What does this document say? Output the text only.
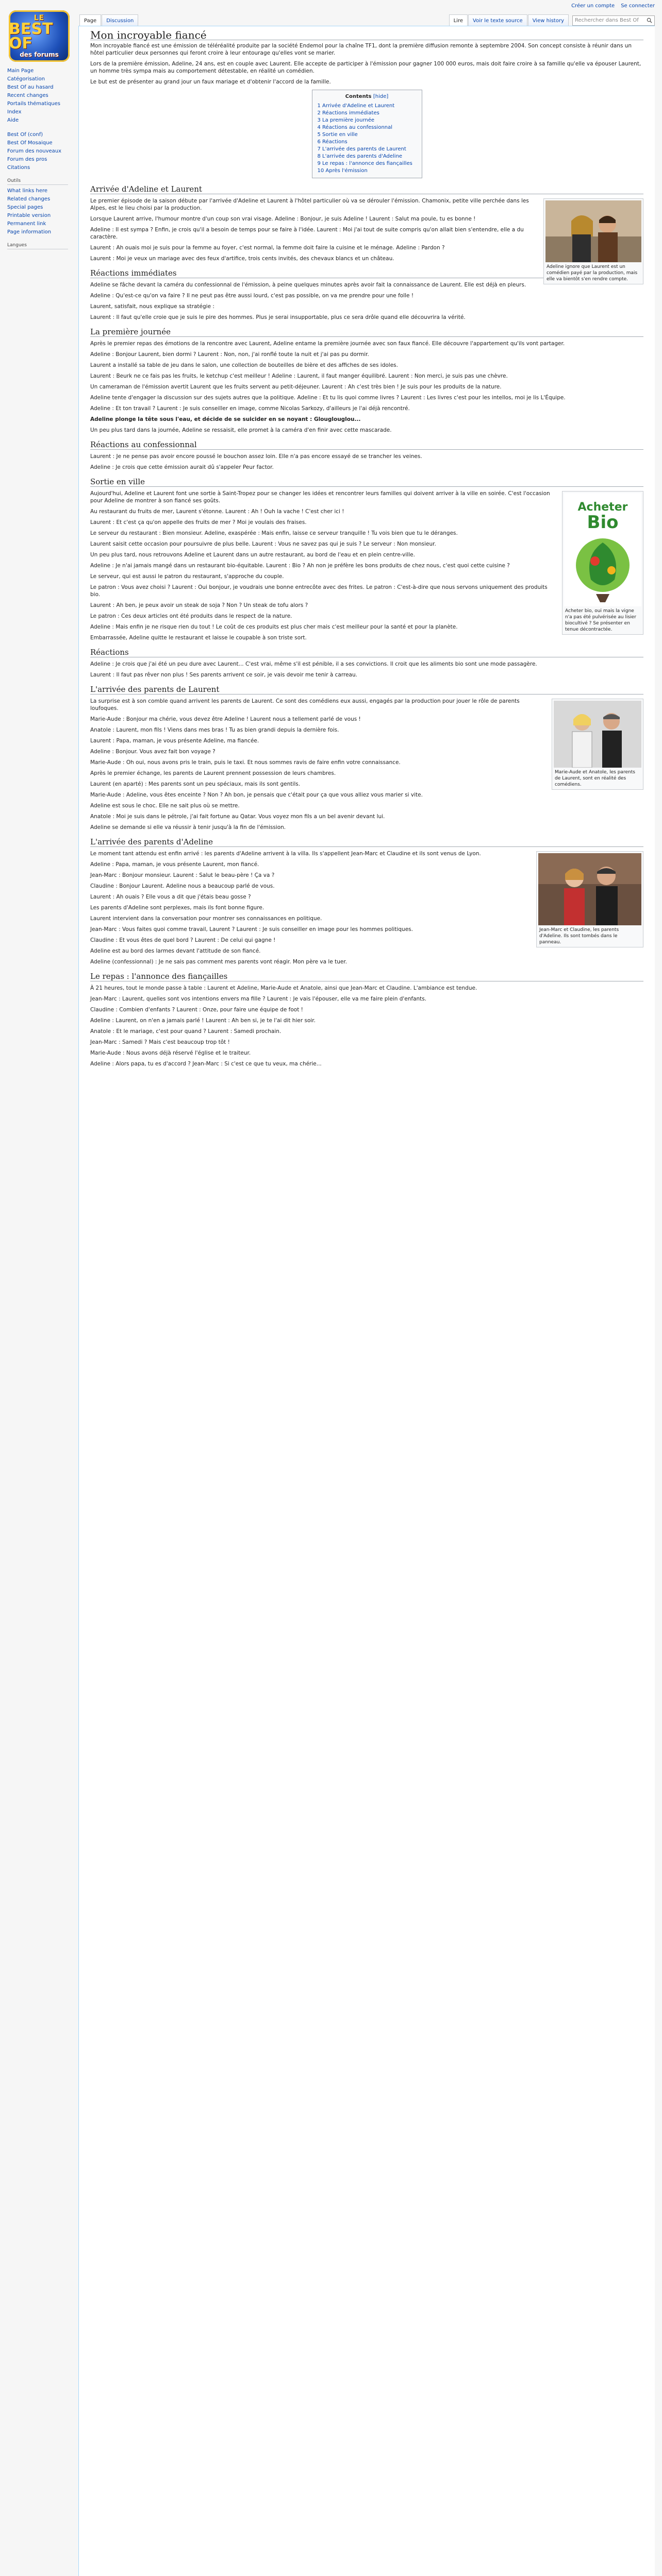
Créer un compte Se connecter
LE
BEST OF
des forums
Page	Discussion	Lire	Voir le texte source	View history	Rechercher dans Best Of
Main Page
Catégorisation
Best Of au hasard
Recent changes
Portails thématiques
Index
Aide
Best Of (conf)
Best Of Mosaique
Forum des nouveaux
Forum des pros
Citations
Outils
What links here
Related changes
Special pages
Printable version
Permanent link
Page information
Langues
Mon incroyable fiancé

Mon incroyable fiancé est une émission de téléréalité produite par la société Endemol pour la chaîne TF1, dont la première diffusion remonte à septembre 2004. Son concept consiste à réunir dans un hôtel particulier deux personnes qui feront croire à leur entourage qu'elles vont se marier.

Lors de la première émission, Adeline, 24 ans, est en couple avec Laurent. Elle accepte de participer à l'émission pour gagner 100 000 euros, mais doit faire croire à sa famille qu'elle va épouser Laurent, un homme très sympa mais au comportement détestable, en réalité un comédien.

Le but est de présenter au grand jour un faux mariage et d'obtenir l'accord de la famille.

Contents [hide]
1 Arrivée d'Adeline et Laurent
2 Réactions immédiates
3 La première journée
4 Réactions au confessionnal
5 Sortie en ville
6 Réactions
7 L'arrivée des parents de Laurent
8 L'arrivée des parents d'Adeline
9 Le repas : l'annonce des fiançailles
10 Après l'émission
Arrivée d'Adeline et Laurent
Adeline ignore que Laurent est un comédien payé par la production, mais elle va bientôt s'en rendre compte.

Le premier épisode de la saison débute par l'arrivée d'Adeline et Laurent à l'hôtel particulier où va se dérouler l'émission. Chamonix, petite ville perchée dans les Alpes, est le lieu choisi par la production.

Lorsque Laurent arrive, l'humour montre d'un coup son vrai visage. Adeline : Bonjour, je suis Adeline ! Laurent : Salut ma poule, tu es bonne !

Adeline : Il est sympa ? Enfin, je crois qu'il a besoin de temps pour se faire à l'idée. Laurent : Moi j'ai tout de suite compris qu'on allait bien s'entendre, elle a du caractère.

Laurent : Ah ouais moi je suis pour la femme au foyer, c'est normal, la femme doit faire la cuisine et le ménage. Adeline : Pardon ?

Laurent : Moi je veux un mariage avec des feux d'artifice, trois cents invités, des chevaux blancs et un château.

Réactions immédiates

Adeline se fâche devant la caméra du confessionnal de l'émission, à peine quelques minutes après avoir fait la connaissance de Laurent. Elle est déjà en pleurs.

Adeline : Qu'est-ce qu'on va faire ? Il ne peut pas être aussi lourd, c'est pas possible, on va me prendre pour une folle !

Laurent, satisfait, nous explique sa stratégie :

Laurent : Il faut qu'elle croie que je suis le pire des hommes. Plus je serai insupportable, plus ce sera drôle quand elle découvrira la vérité.

La première journée

Après le premier repas des émotions de la rencontre avec Laurent, Adeline entame la première journée avec son faux fiancé. Elle découvre l'appartement qu'ils vont partager.

Adeline : Bonjour Laurent, bien dormi ? Laurent : Non, non, j'ai ronflé toute la nuit et j'ai pas pu dormir.

Laurent a installé sa table de jeu dans le salon, une collection de bouteilles de bière et des affiches de ses idoles.

Laurent : Beurk ne ce fais pas les fruits, le ketchup c'est meilleur ! Adeline : Laurent, il faut manger équilibré. Laurent : Non merci, je suis pas une chèvre.

Un cameraman de l'émission avertit Laurent que les fruits servent au petit-déjeuner. Laurent : Ah c'est très bien ! Je suis pour les produits de la nature.

Adeline tente d'engager la discussion sur des sujets autres que la politique. Adeline : Et tu lis quoi comme livres ? Laurent : Les livres c'est pour les intellos, moi je lis L'Équipe.

Adeline : Et ton travail ? Laurent : Je suis conseiller en image, comme Nicolas Sarkozy, d'ailleurs je l'ai déjà rencontré.

Adeline plonge la tête sous l'eau, et décide de se suicider en se noyant : Glouglouglou...

Un peu plus tard dans la journée, Adeline se ressaisit, elle promet à la caméra d'en finir avec cette mascarade.

Réactions au confessionnal

Laurent : Je ne pense pas avoir encore poussé le bouchon assez loin. Elle n'a pas encore essayé de se trancher les veines.

Adeline : Je crois que cette émission aurait dû s'appeler Peur factor.

Sortie en ville
Acheter
Bio
Acheter bio, oui mais la vigne n'a pas été pulvérisée au lisier biocultivé ? Se présenter en tenue décontractée.

Aujourd'hui, Adeline et Laurent font une sortie à Saint-Tropez pour se changer les idées et rencontrer leurs familles qui doivent arriver à la ville en soirée. C'est l'occasion pour Adeline de montrer à son fiancé ses goûts.

Au restaurant du fruits de mer, Laurent s'étonne. Laurent : Ah ! Ouh la vache ! C'est cher ici !

Laurent : Et c'est ça qu'on appelle des fruits de mer ? Moi je voulais des fraises.

Le serveur du restaurant : Bien monsieur. Adeline, exaspérée : Mais enfin, laisse ce serveur tranquille ! Tu vois bien que tu le déranges.

Laurent saisit cette occasion pour poursuivre de plus belle. Laurent : Vous ne savez pas qui je suis ? Le serveur : Non monsieur.

Un peu plus tard, nous retrouvons Adeline et Laurent dans un autre restaurant, au bord de l'eau et en plein centre-ville.

Adeline : Je n'ai jamais mangé dans un restaurant bio-équitable. Laurent : Bio ? Ah non je préfère les bons produits de chez nous, c'est quoi cette cuisine ?

Le serveur, qui est aussi le patron du restaurant, s'approche du couple.

Le patron : Vous avez choisi ? Laurent : Oui bonjour, je voudrais une bonne entrecôte avec des frites. Le patron : C'est-à-dire que nous servons uniquement des produits bio.

Laurent : Ah ben, je peux avoir un steak de soja ? Non ? Un steak de tofu alors ?

Le patron : Ces deux articles ont été produits dans le respect de la nature.

Adeline : Mais enfin je ne risque rien du tout ! Le coût de ces produits est plus cher mais c'est meilleur pour la santé et pour la planète.

Embarrassée, Adeline quitte le restaurant et laisse le coupable à son triste sort.

Réactions

Adeline : Je crois que j'ai été un peu dure avec Laurent... C'est vrai, même s'il est pénible, il a ses convictions. Il croit que les aliments bio sont une mode passagère.

Laurent : Il faut pas rêver non plus ! Ses parents arrivent ce soir, je vais devoir me tenir à carreau.

L'arrivée des parents de Laurent
Marie-Aude et Anatole, les parents de Laurent, sont en réalité des comédiens.

La surprise est à son comble quand arrivent les parents de Laurent. Ce sont des comédiens eux aussi, engagés par la production pour jouer le rôle de parents loufoques.

Marie-Aude : Bonjour ma chérie, vous devez être Adeline ! Laurent nous a tellement parlé de vous !

Anatole : Laurent, mon fils ! Viens dans mes bras ! Tu as bien grandi depuis la dernière fois.

Laurent : Papa, maman, je vous présente Adeline, ma fiancée.

Adeline : Bonjour. Vous avez fait bon voyage ?

Marie-Aude : Oh oui, nous avons pris le train, puis le taxi. Et nous sommes ravis de faire enfin votre connaissance.

Après le premier échange, les parents de Laurent prennent possession de leurs chambres.

Laurent (en aparté) : Mes parents sont un peu spéciaux, mais ils sont gentils.

Marie-Aude : Adeline, vous êtes enceinte ? Non ? Ah bon, je pensais que c'était pour ça que vous alliez vous marier si vite.

Adeline est sous le choc. Elle ne sait plus où se mettre.

Anatole : Moi je suis dans le pétrole, j'ai fait fortune au Qatar. Vous voyez mon fils a un bel avenir devant lui.

Adeline se demande si elle va réussir à tenir jusqu'à la fin de l'émission.

L'arrivée des parents d'Adeline
Jean-Marc et Claudine, les parents d'Adeline. Ils sont tombés dans le panneau.

Le moment tant attendu est enfin arrivé : les parents d'Adeline arrivent à la villa. Ils s'appellent Jean-Marc et Claudine et ils sont venus de Lyon.

Adeline : Papa, maman, je vous présente Laurent, mon fiancé.

Jean-Marc : Bonjour monsieur. Laurent : Salut le beau-père ! Ça va ?

Claudine : Bonjour Laurent. Adeline nous a beaucoup parlé de vous.

Laurent : Ah ouais ? Elle vous a dit que j'étais beau gosse ?

Les parents d'Adeline sont perplexes, mais ils font bonne figure.

Laurent intervient dans la conversation pour montrer ses connaissances en politique.

Jean-Marc : Vous faites quoi comme travail, Laurent ? Laurent : Je suis conseiller en image pour les hommes politiques.

Claudine : Et vous êtes de quel bord ? Laurent : De celui qui gagne !

Adeline est au bord des larmes devant l'attitude de son fiancé.

Adeline (confessionnal) : Je ne sais pas comment mes parents vont réagir. Mon père va le tuer.

Le repas : l'annonce des fiançailles

À 21 heures, tout le monde passe à table : Laurent et Adeline, Marie-Aude et Anatole, ainsi que Jean-Marc et Claudine. L'ambiance est tendue.

Jean-Marc : Laurent, quelles sont vos intentions envers ma fille ? Laurent : Je vais l'épouser, elle va me faire plein d'enfants.

Claudine : Combien d'enfants ? Laurent : Onze, pour faire une équipe de foot !

Adeline : Laurent, on n'en a jamais parlé ! Laurent : Ah ben si, je te l'ai dit hier soir.

Anatole : Et le mariage, c'est pour quand ? Laurent : Samedi prochain.

Jean-Marc : Samedi ? Mais c'est beaucoup trop tôt !

Marie-Aude : Nous avons déjà réservé l'église et le traiteur.

Adeline : Alors papa, tu es d'accord ? Jean-Marc : Si c'est ce que tu veux, ma chérie...
